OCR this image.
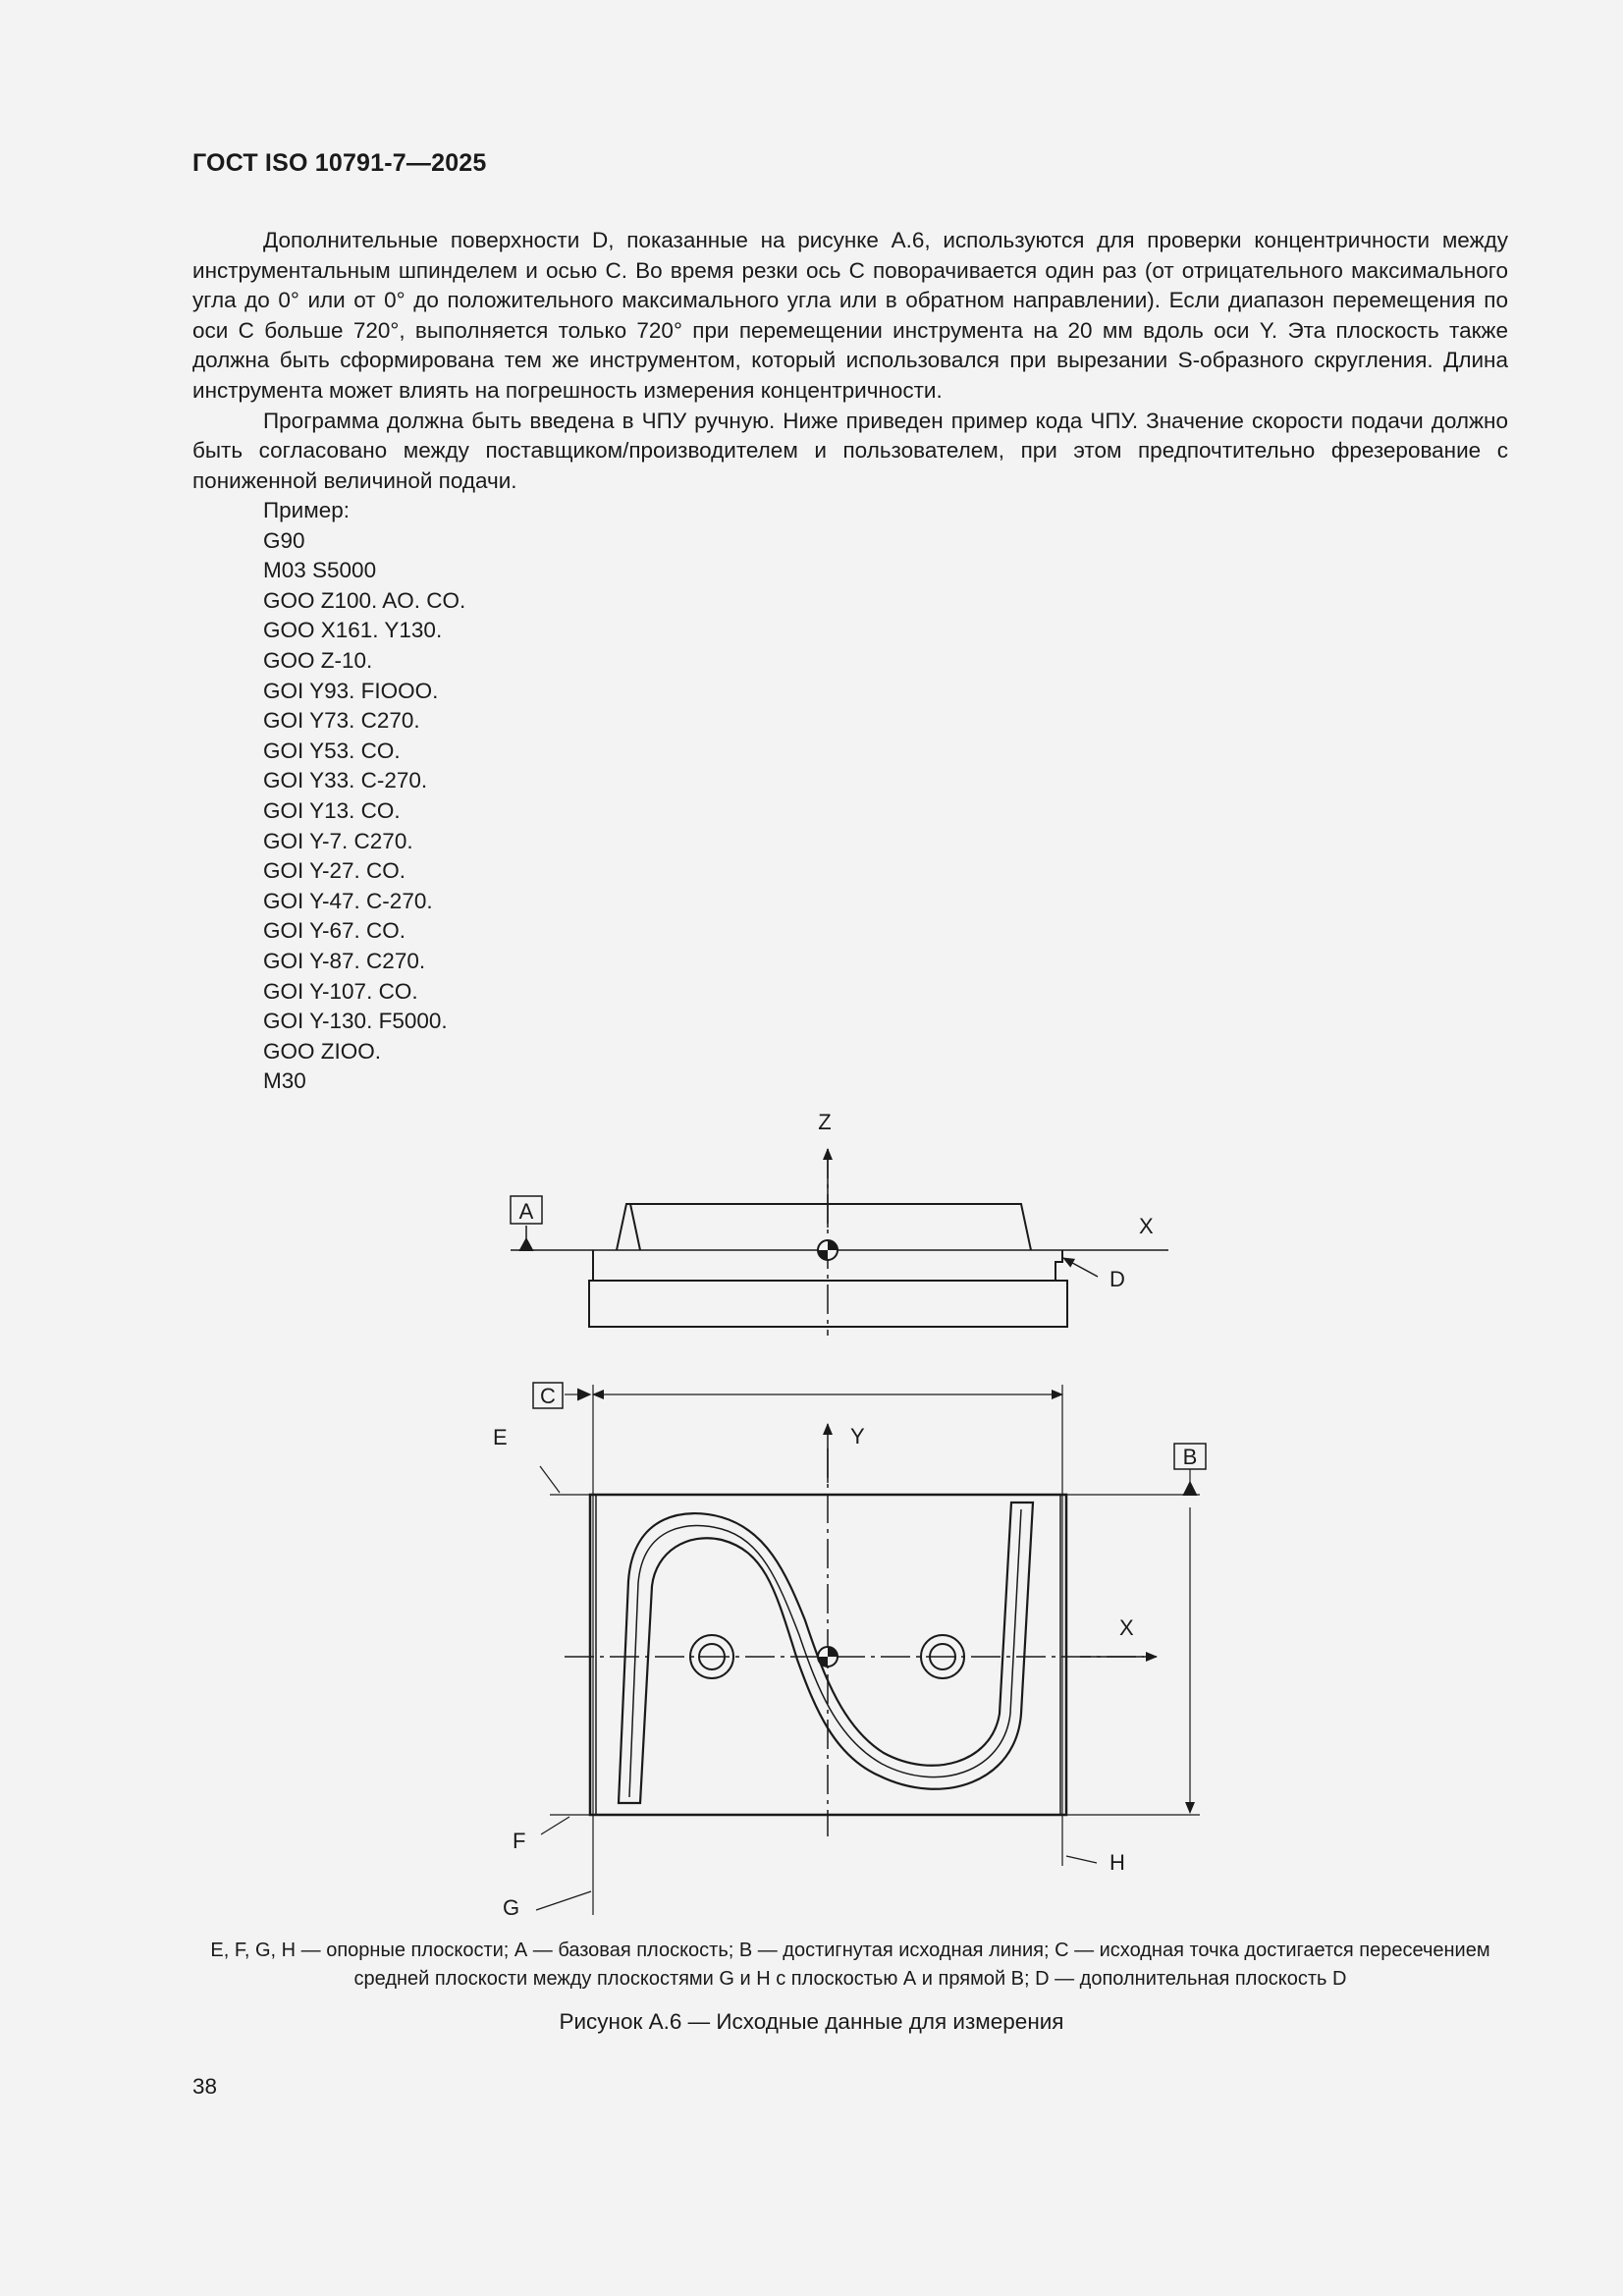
ГОСТ ISO 10791-7—2025

Дополнительные поверхности D, показанные на рисунке А.6, используются для проверки концентричности между инструментальным шпинделем и осью C. Во время резки ось C поворачивается один раз (от отрицательного максимального угла до 0° или от 0° до положительного максимального угла или в обратном направлении). Если диапазон перемещения по оси C больше 720°, выполняется только 720° при перемещении инструмента на 20 мм вдоль оси Y. Эта плоскость также должна быть сформирована тем же инструментом, который использовался при вырезании S-образного скругления. Длина инструмента может влиять на погрешность измерения концентричности.

Программа должна быть введена в ЧПУ ручную. Ниже приведен пример кода ЧПУ. Значение скорости подачи должно быть согласовано между поставщиком/производителем и пользователем, при этом предпочтительно фрезерование с пониженной величиной подачи.

Пример:
G90
M03 S5000
GOO Z100. AO. CO.
GOO X161. Y130.
GOO Z-10.
GOI Y93. FIOOO.
GOI Y73. C270.
GOI Y53. CO.
GOI Y33. C-270.
GOI Y13. CO.
GOI Y-7. C270.
GOI Y-27. CO.
GOI Y-47. C-270.
GOI Y-67. CO.
GOI Y-87. C270.
GOI Y-107. CO.
GOI Y-130. F5000.
GOO ZIOO.
M30
Z
X
A
D
C
E	Y
B
X
F
H
G
E, F, G, H — опорные плоскости; А — базовая плоскость; В — достигнутая исходная линия; С — исходная точка достигается пересечением средней плоскости между плоскостями G и H с плоскостью А и прямой B; D — дополнительная плоскость D
Рисунок А.6 — Исходные данные для измерения
38
